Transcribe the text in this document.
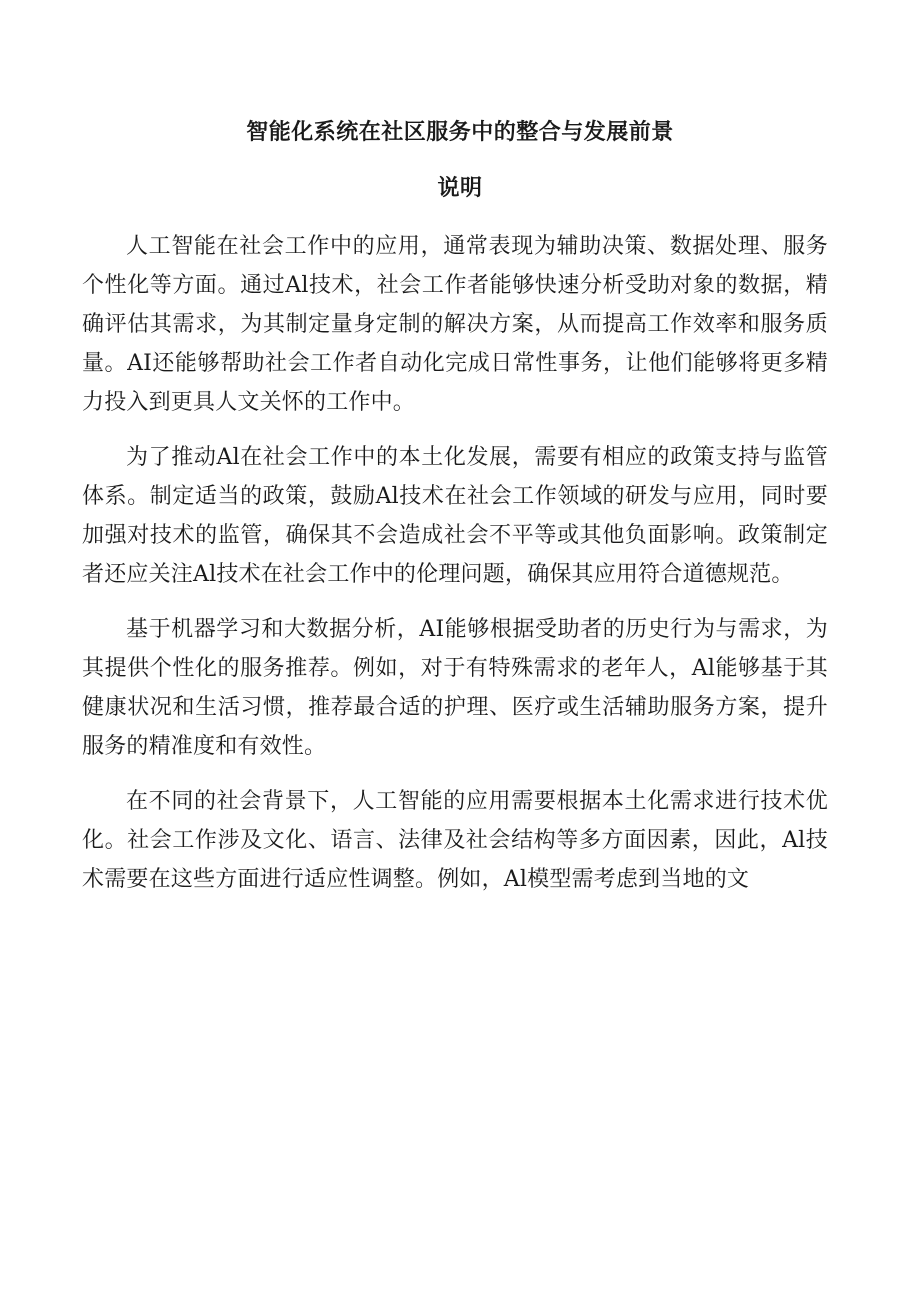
智能化系统在社区服务中的整合与发展前景
说明

人工智能在社会工作中的应用，通常表现为辅助决策、数据处理、服务个性化等方面。通过Al技术，社会工作者能够快速分析受助对象的数据，精确评估其需求，为其制定量身定制的解决方案，从而提高工作效率和服务质量。AI还能够帮助社会工作者自动化完成日常性事务，让他们能够将更多精力投入到更具人文关怀的工作中。

为了推动Al在社会工作中的本土化发展，需要有相应的政策支持与监管体系。制定适当的政策，鼓励Al技术在社会工作领域的研发与应用，同时要加强对技术的监管，确保其不会造成社会不平等或其他负面影响。政策制定者还应关注Al技术在社会工作中的伦理问题，确保其应用符合道德规范。

基于机器学习和大数据分析，AI能够根据受助者的历史行为与需求，为其提供个性化的服务推荐。例如，对于有特殊需求的老年人，Al能够基于其健康状况和生活习惯，推荐最合适的护理、医疗或生活辅助服务方案，提升服务的精准度和有效性。

在不同的社会背景下，人工智能的应用需要根据本土化需求进行技术优化。社会工作涉及文化、语言、法律及社会结构等多方面因素，因此，Al技术需要在这些方面进行适应性调整。例如，Al模型需考虑到当地的文
